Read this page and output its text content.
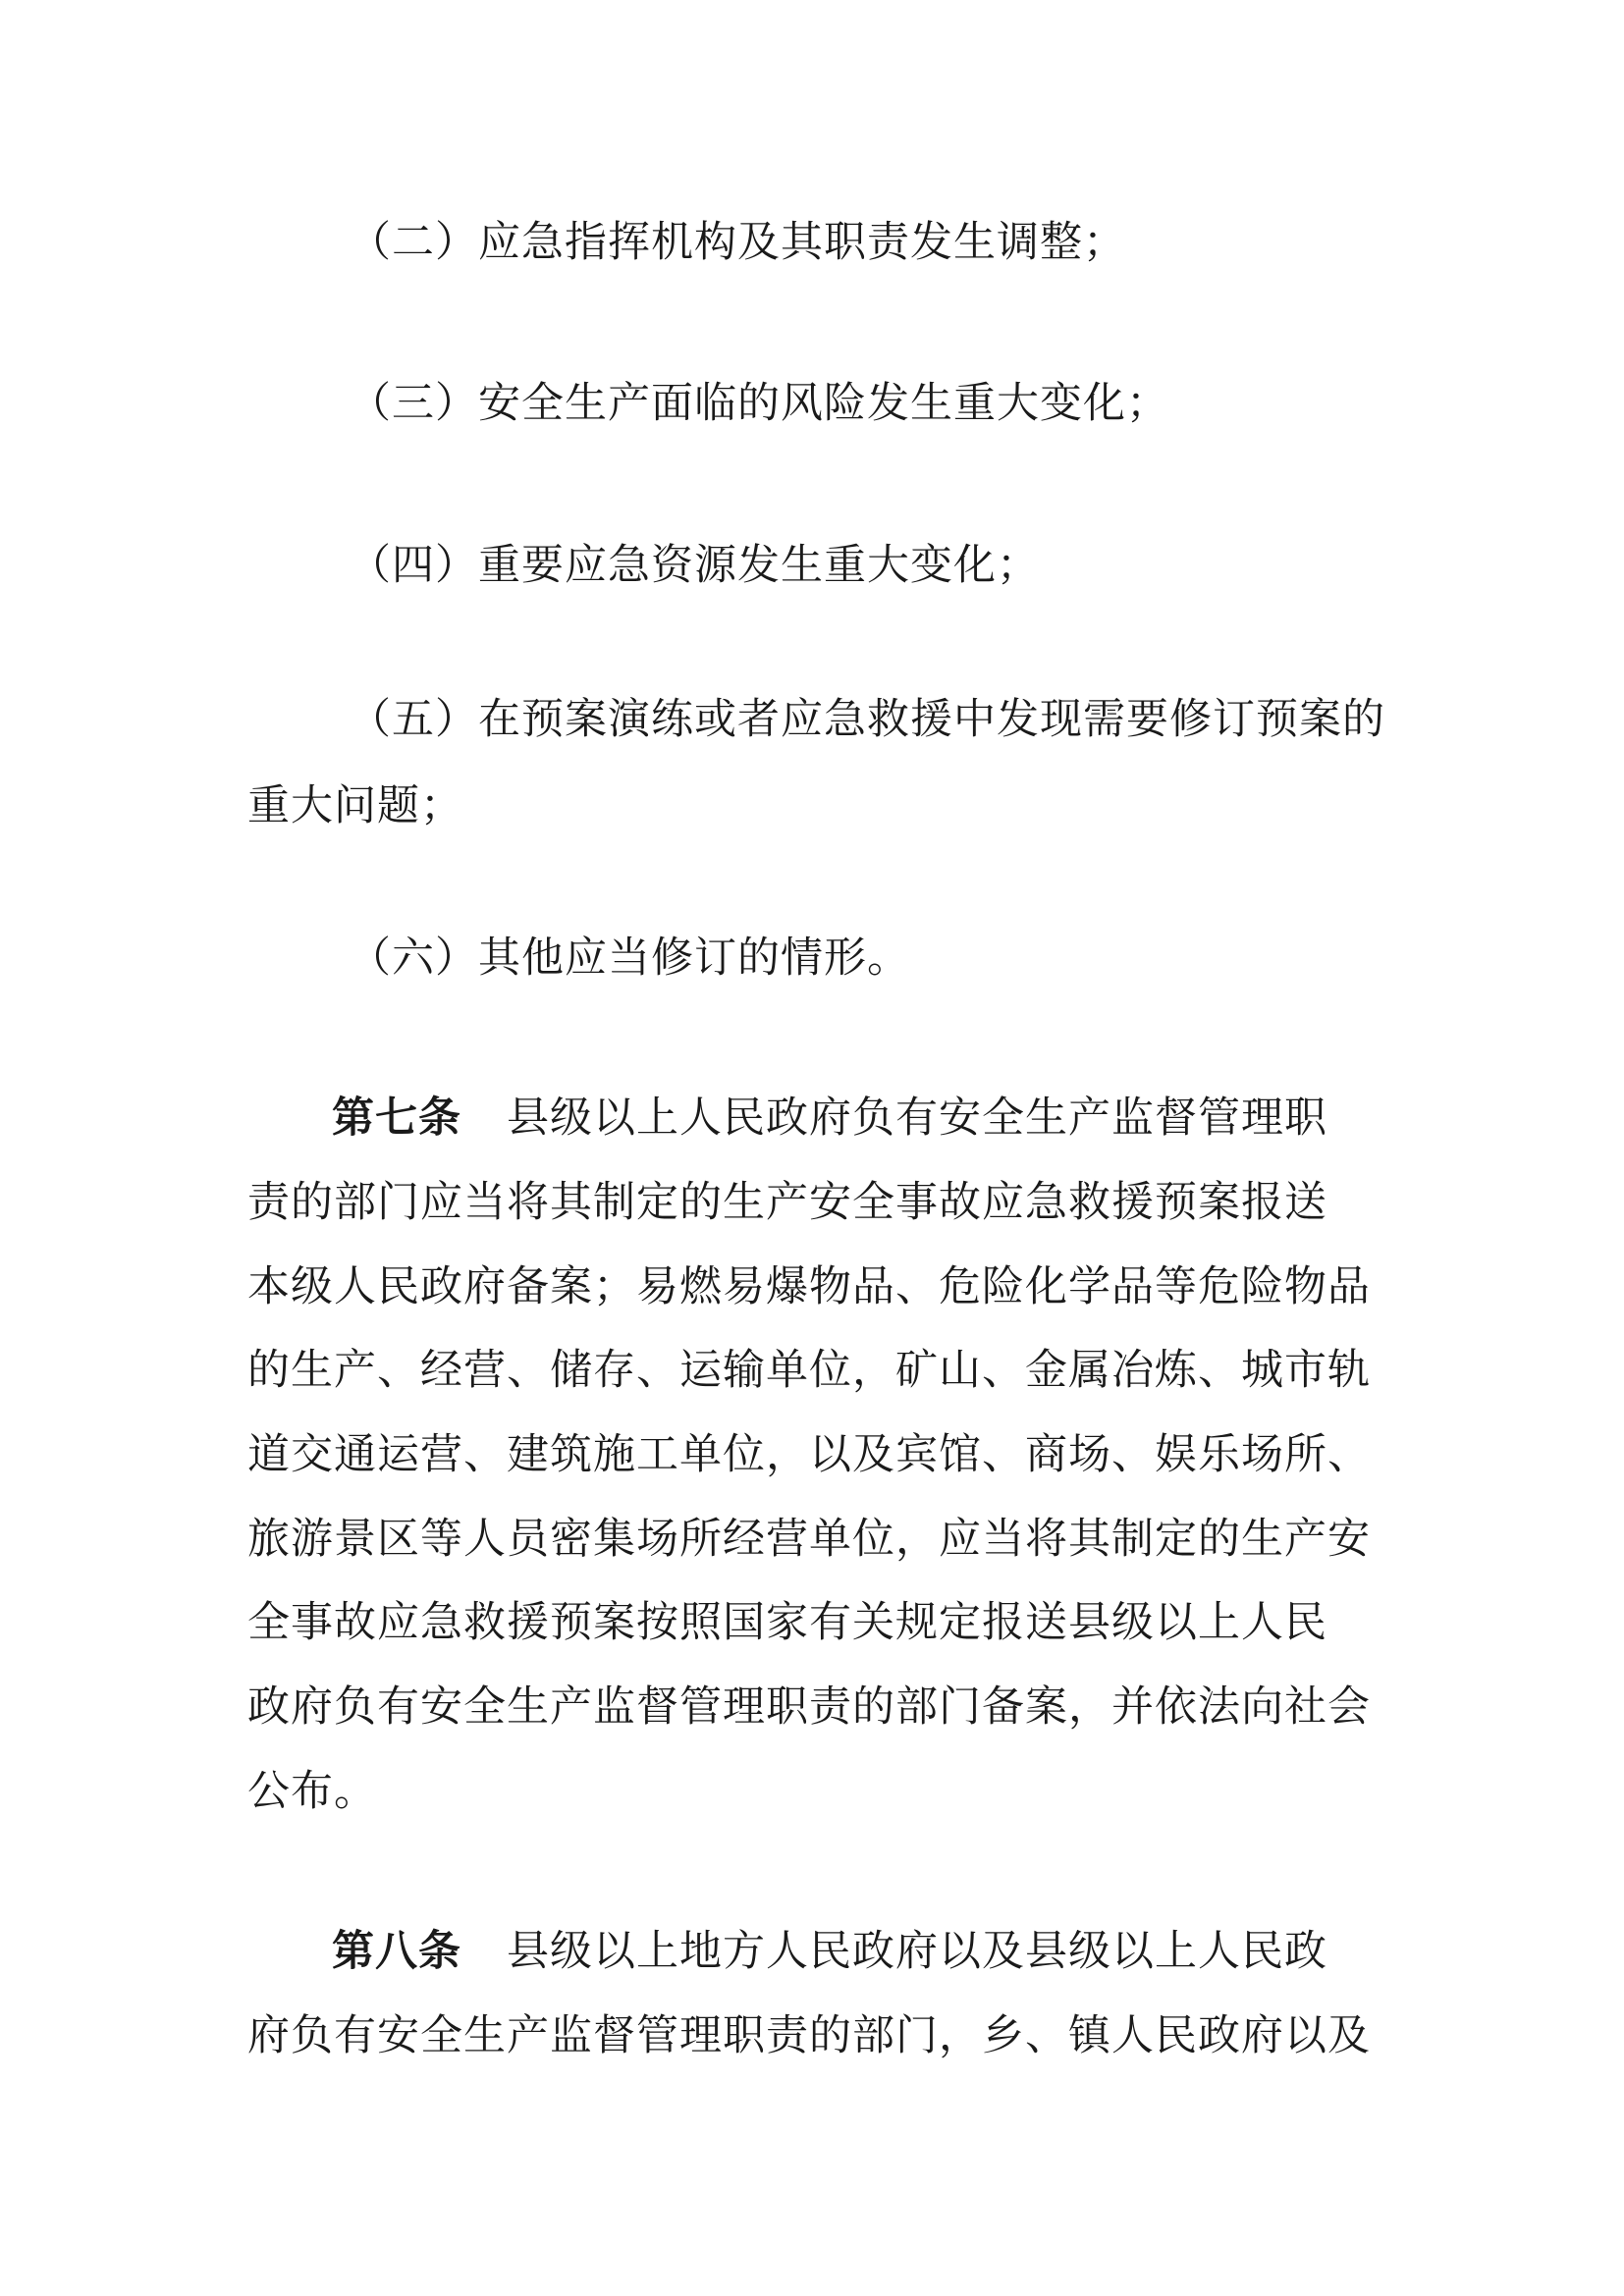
（二）应急指挥机构及其职责发生调整；
（三）安全生产面临的风险发生重大变化；
（四）重要应急资源发生重大变化；
（五）在预案演练或者应急救援中发现需要修订预案的
重大问题；
（六）其他应当修订的情形。
第七条 县级以上人民政府负有安全生产监督管理职
责的部门应当将其制定的生产安全事故应急救援预案报送
本级人民政府备案；易燃易爆物品、危险化学品等危险物品
的生产、经营、储存、运输单位，矿山、金属冶炼、城市轨
道交通运营、建筑施工单位，以及宾馆、商场、娱乐场所、
旅游景区等人员密集场所经营单位，应当将其制定的生产安
全事故应急救援预案按照国家有关规定报送县级以上人民
政府负有安全生产监督管理职责的部门备案，并依法向社会
公布。
第八条 县级以上地方人民政府以及县级以上人民政
府负有安全生产监督管理职责的部门，乡、镇人民政府以及
